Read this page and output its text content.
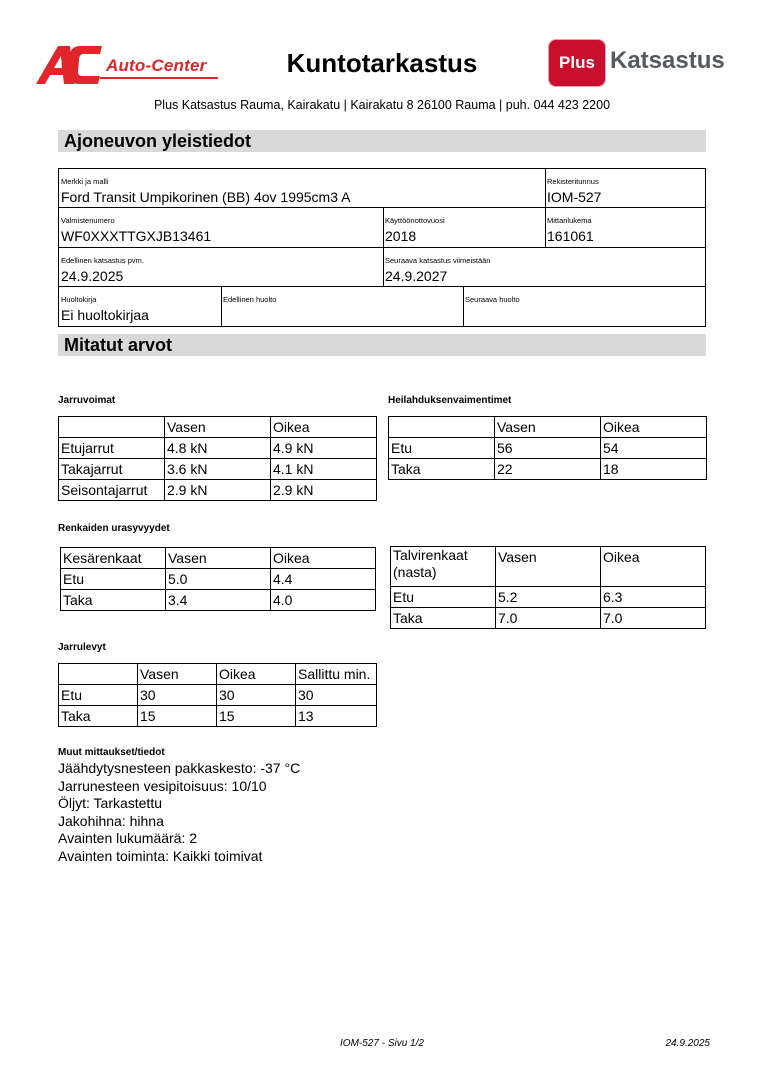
Auto-Center	Kuntotarkastus	Plus Katsastus
Plus Katsastus Rauma, Kairakatu | Kairakatu 8 26100 Rauma | puh. 044 423 2200
Ajoneuvon yleistiedot
Merkki ja malli
Ford Transit Umpikorinen (BB) 4ov 1995cm3 A
Rekisteritunnus
IOM-527
Valmistenumero
WF0XXXTTGXJB13461
Käyttöönottovuosi
2018
Mittarilukema
161061
Edellinen katsastus pvm.
24.9.2025
Seuraava katsastus viimeistään
24.9.2027
Huoltokirja
Ei huoltokirjaa
Edellinen huolto	Seuraava huolto
Mitatut arvot
Jarruvoimat
	Vasen	Oikea
Etujarrut	4.8 kN	4.9 kN
Takajarrut	3.6 kN	4.1 kN
Seisontajarrut	2.9 kN	2.9 kN
Heilahduksenvaimentimet
	Vasen	Oikea
Etu	56	54
Taka	22	18
Renkaiden urasyvyydet
Kesärenkaat	Vasen	Oikea
Etu	5.0	4.4
Taka	3.4	4.0
Talvirenkaat (nasta)	Vasen	Oikea
Etu	5.2	6.3
Taka	7.0	7.0
Jarrulevyt
	Vasen	Oikea	Sallittu min.
Etu	30	30	30
Taka	15	15	13
Muut mittaukset/tiedot
Jäähdytysnesteen pakkaskesto: -37 °C
Jarrunesteen vesipitoisuus: 10/10
Öljyt: Tarkastettu
Jakohihna: hihna
Avainten lukumäärä: 2
Avainten toiminta: Kaikki toimivat
IOM-527 - Sivu 1/2	24.9.2025
